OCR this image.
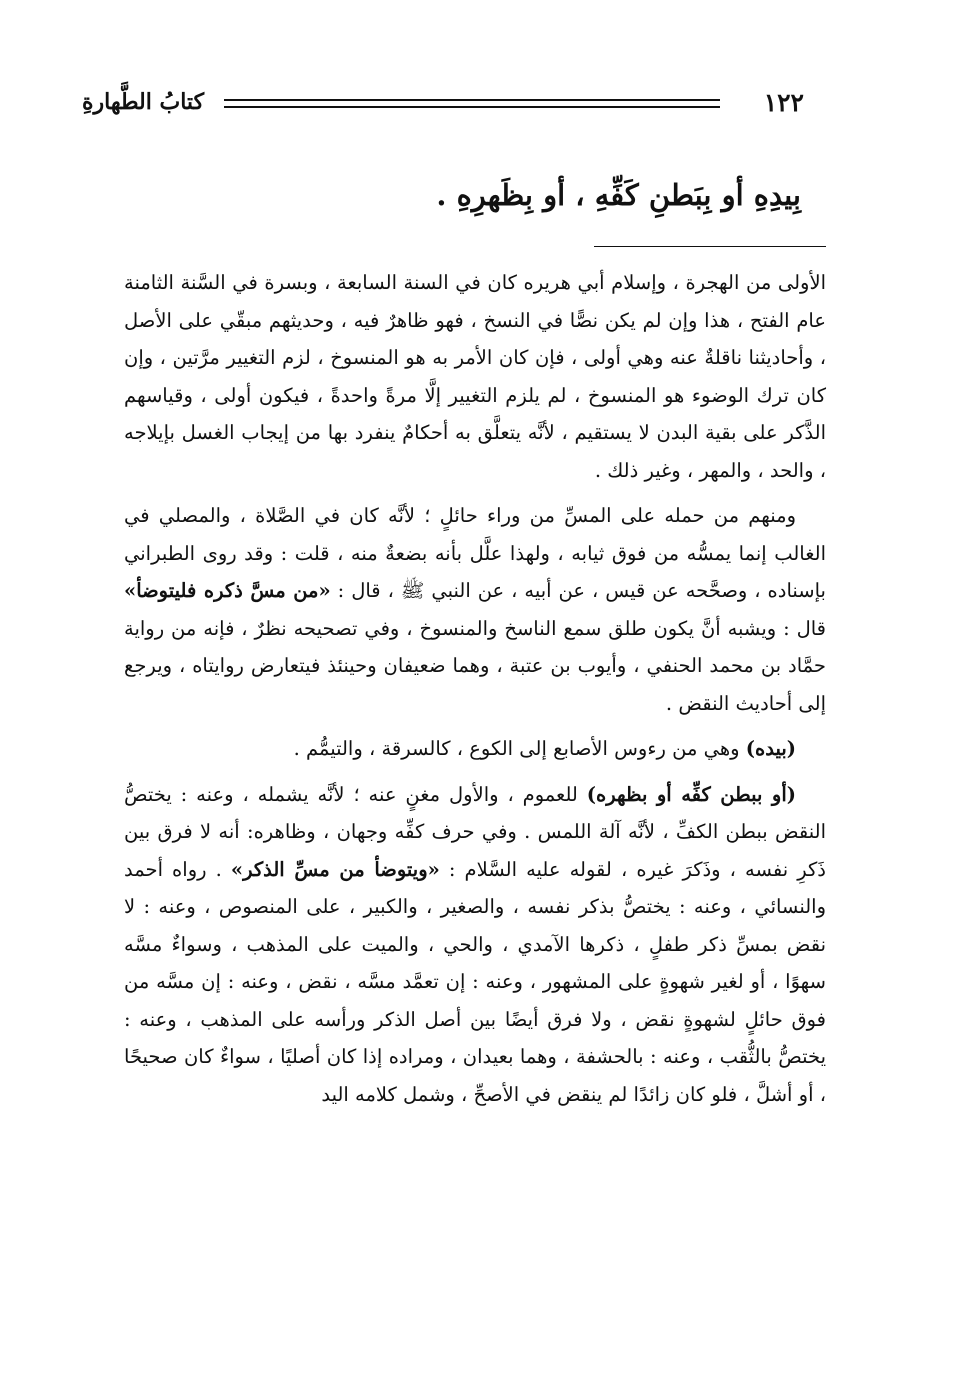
كتابُ الطَّهارةِ	١٢٢
بِيدِهِ أو بِبَطنِ كَفِّهِ ، أو بِظَهرِهِ .

الأولى من الهجرة ، وإسلام أبي هريره كان في السنة السابعة ، وبسرة في السَّنة الثامنة عام الفتح ، هذا وإن لم يكن نصًّا في النسخ ، فهو ظاهرٌ فيه ، وحديثهم مبقّي على الأصل ، وأحاديثنا ناقلةٌ عنه وهي أولى ، فإن كان الأمر به هو المنسوخ ، لزم التغيير مرَّتين ، وإن كان ترك الوضوء هو المنسوخ ، لم يلزم التغيير إلَّا مرةً واحدةً ، فيكون أولى ، وقياسهم الذَّكر على بقية البدن لا يستقيم ، لأنَّه يتعلَّق به أحكامٌ ينفرد بها من إيجاب الغسل بإيلاجه ، والحد ، والمهر ، وغير ذلك .

ومنهم من حمله على المسِّ من وراء حائلٍ ؛ لأنَّه كان في الصَّلاة ، والمصلي في الغالب إنما يمسُّه من فوق ثيابه ، ولهذا علَّل بأنه بضعةٌ منه ، قلت : وقد روى الطبراني بإسناده ، وصحَّحه عن قيس ، عن أبيه ، عن النبي ﷺ ، قال : «من مسَّ ذكره فليتوضأ» قال : ويشبه أنَّ يكون طلق سمع الناسخ والمنسوخ ، وفي تصحيحه نظرٌ ، فإنه من رواية حمَّاد بن محمد الحنفي ، وأيوب بن عتبة ، وهما ضعيفان وحينئذ فيتعارض روايتاه ، ويرجع إلى أحاديث النقض .

(بيده) وهي من رءوس الأصابع إلى الكوع ، كالسرقة ، والتيمُّم .

(أو ببطن كفِّه أو بظهره) للعموم ، والأول مغنٍ عنه ؛ لأنَّه يشمله ، وعنه : يختصُّ النقض ببطن الكفِّ ، لأنَّه آلة اللمس . وفي حرف كفِّه وجهان ، وظاهره: أنه لا فرق بين ذَكرِ نفسه ، وذَكرَ غيره ، لقوله عليه السَّلام : «ويتوضأ من مسِّ الذكر» . رواه أحمد والنسائي ، وعنه : يختصُّ بذكر نفسه ، والصغير ، والكبير ، على المنصوص ، وعنه : لا نقض بمسِّ ذكر طفلٍ ، ذكرها الآمدي ، والحي ، والميت على المذهب ، وسواءٌ مسَّه سهوًا ، أو لغير شهوةٍ على المشهور ، وعنه : إن تعمَّد مسَّه ، نقض ، وعنه : إن مسَّه من فوق حائلٍ لشهوةٍ نقض ، ولا فرق أيضًا بين أصل الذكر ورأسه على المذهب ، وعنه : يختصُّ بالثُّقب ، وعنه : بالحشفة ، وهما بعيدان ، ومراده إذا كان أصليًا ، سواءٌ كان صحيحًا ، أو أشلَّ ، فلو كان زائدًا لم ينقض في الأصحِّ ، وشمل كلامه اليد
